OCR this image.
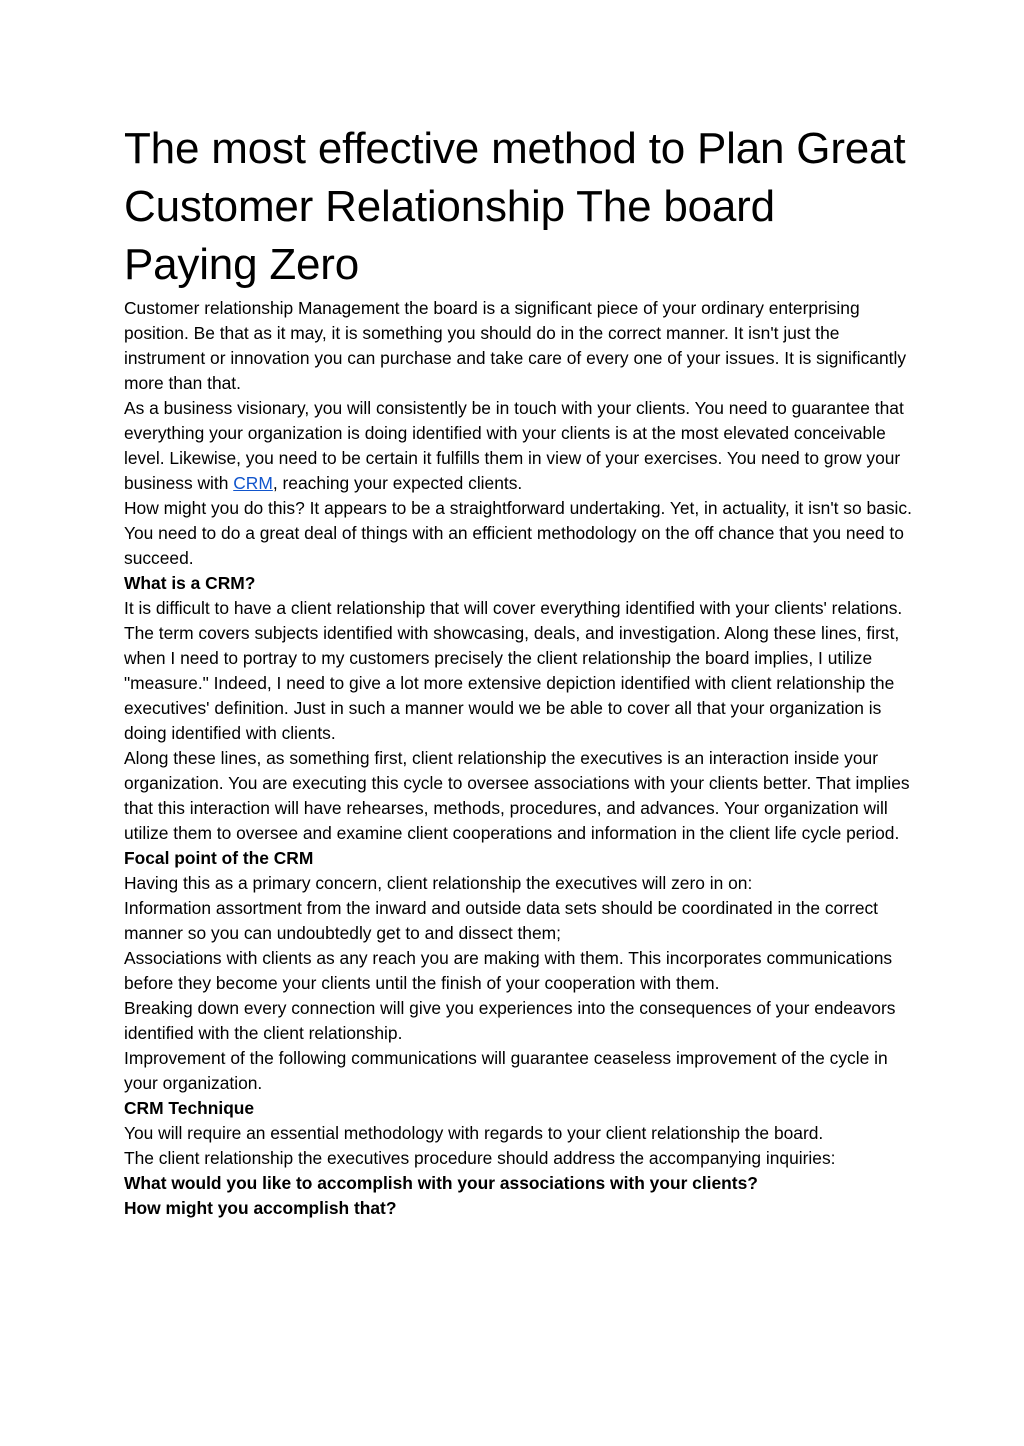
The most effective method to Plan Great Customer Relationship The board Paying Zero

Customer relationship Management the board is a significant piece of your ordinary enterprising position. Be that as it may, it is something you should do in the correct manner. It isn't just the instrument or innovation you can purchase and take care of every one of your issues. It is significantly more than that.

As a business visionary, you will consistently be in touch with your clients. You need to guarantee that everything your organization is doing identified with your clients is at the most elevated conceivable level. Likewise, you need to be certain it fulfills them in view of your exercises. You need to grow your business with CRM, reaching your expected clients.

How might you do this? It appears to be a straightforward undertaking. Yet, in actuality, it isn't so basic. You need to do a great deal of things with an efficient methodology on the off chance that you need to succeed.

What is a CRM?

It is difficult to have a client relationship that will cover everything identified with your clients' relations.

The term covers subjects identified with showcasing, deals, and investigation. Along these lines, first, when I need to portray to my customers precisely the client relationship the board implies, I utilize "measure." Indeed, I need to give a lot more extensive depiction identified with client relationship the executives' definition. Just in such a manner would we be able to cover all that your organization is doing identified with clients.

Along these lines, as something first, client relationship the executives is an interaction inside your organization. You are executing this cycle to oversee associations with your clients better. That implies that this interaction will have rehearses, methods, procedures, and advances. Your organization will utilize them to oversee and examine client cooperations and information in the client life cycle period.

Focal point of the CRM

Having this as a primary concern, client relationship the executives will zero in on:

Information assortment from the inward and outside data sets should be coordinated in the correct manner so you can undoubtedly get to and dissect them;

Associations with clients as any reach you are making with them. This incorporates communications before they become your clients until the finish of your cooperation with them.

Breaking down every connection will give you experiences into the consequences of your endeavors identified with the client relationship.

Improvement of the following communications will guarantee ceaseless improvement of the cycle in your organization.

CRM Technique

You will require an essential methodology with regards to your client relationship the board.

The client relationship the executives procedure should address the accompanying inquiries:

What would you like to accomplish with your associations with your clients?
How might you accomplish that?
